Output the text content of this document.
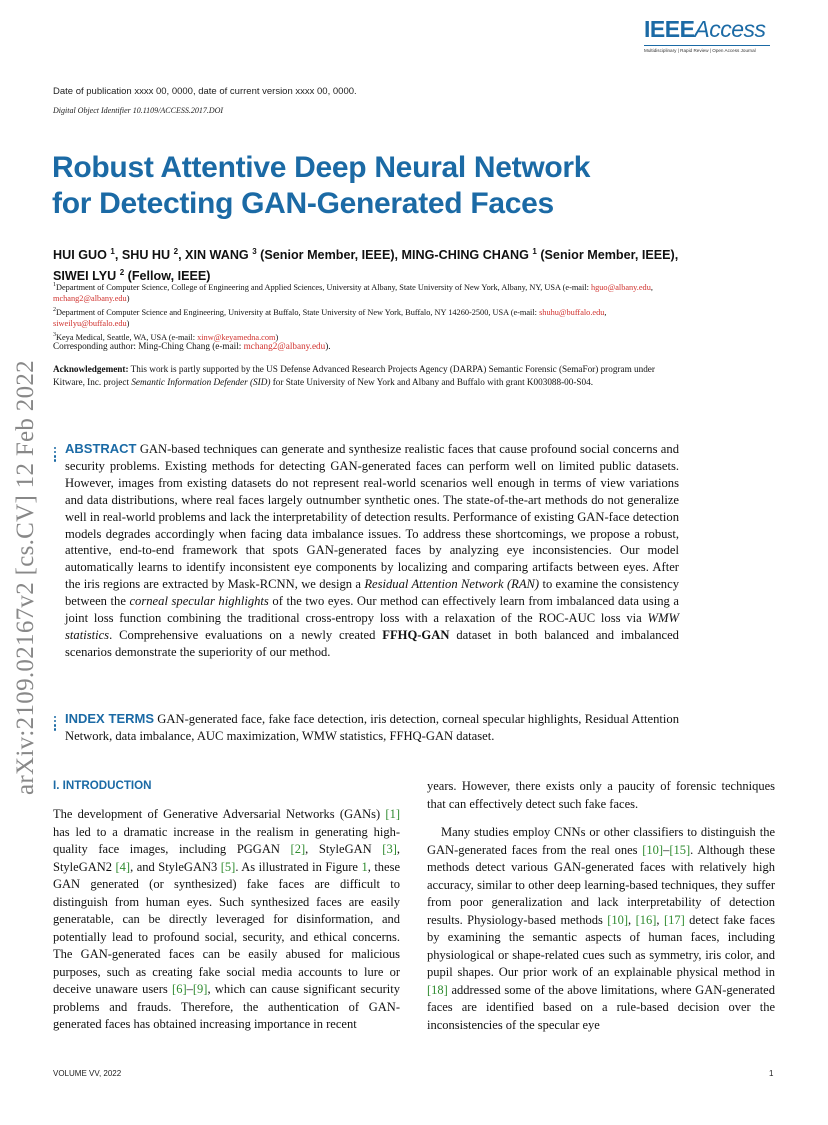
IEEEAccess
Multidisciplinary | Rapid Review | Open Access Journal
Date of publication xxxx 00, 0000, date of current version xxxx 00, 0000.
Digital Object Identifier 10.1109/ACCESS.2017.DOI
Robust Attentive Deep Neural Network
for Detecting GAN-Generated Faces
HUI GUO $^1$, SHU HU $^2$, XIN WANG $^3$ (Senior Member, IEEE), MING-CHING CHANG $^1$ (Senior Member, IEEE), SIWEI LYU $^2$ (Fellow, IEEE)
$^1$Department of Computer Science, College of Engineering and Applied Sciences, University at Albany, State University of New York, Albany, NY, USA (e-mail: hguo@albany.edu, mchang2@albany.edu)
$^2$Department of Computer Science and Engineering, University at Buffalo, State University of New York, Buffalo, NY 14260-2500, USA (e-mail: shuhu@buffalo.edu, siweilyu@buffalo.edu)
$^3$Keya Medical, Seattle, WA, USA (e-mail: xinw@keyamedna.com)
Corresponding author: Ming-Ching Chang (e-mail: mchang2@albany.edu).
Acknowledgement: This work is partly supported by the US Defense Advanced Research Projects Agency (DARPA) Semantic Forensic (SemaFor) program under Kitware, Inc. project Semantic Information Defender (SID) for State University of New York and Albany and Buffalo with grant K003088-00-S04.
ABSTRACT GAN-based techniques can generate and synthesize realistic faces that cause profound social concerns and security problems. Existing methods for detecting GAN-generated faces can perform well on limited public datasets. However, images from existing datasets do not represent real-world scenarios well enough in terms of view variations and data distributions, where real faces largely outnumber synthetic ones. The state-of-the-art methods do not generalize well in real-world problems and lack the interpretability of detection results. Performance of existing GAN-face detection models degrades accordingly when facing data imbalance issues. To address these shortcomings, we propose a robust, attentive, end-to-end framework that spots GAN-generated faces by analyzing eye inconsistencies. Our model automatically learns to identify inconsistent eye components by localizing and comparing artifacts between eyes. After the iris regions are extracted by Mask-RCNN, we design a Residual Attention Network (RAN) to examine the consistency between the corneal specular highlights of the two eyes. Our method can effectively learn from imbalanced data using a joint loss function combining the traditional cross-entropy loss with a relaxation of the ROC-AUC loss via WMW statistics. Comprehensive evaluations on a newly created FFHQ-GAN dataset in both balanced and imbalanced scenarios demonstrate the superiority of our method.
INDEX TERMS GAN-generated face, fake face detection, iris detection, corneal specular highlights, Residual Attention Network, data imbalance, AUC maximization, WMW statistics, FFHQ-GAN dataset.
I. INTRODUCTION
The development of Generative Adversarial Networks (GANs) [1] has led to a dramatic increase in the realism in generating high-quality face images, including PGGAN [2], StyleGAN [3], StyleGAN2 [4], and StyleGAN3 [5]. As illustrated in Figure 1, these GAN generated (or synthesized) fake faces are difficult to distinguish from human eyes. Such synthesized faces are easily generatable, can be directly leveraged for disinformation, and potentially lead to profound social, security, and ethical concerns. The GAN-generated faces can be easily abused for malicious purposes, such as creating fake social media accounts to lure or deceive unaware users [6]–[9], which can cause significant security problems and frauds. Therefore, the authentication of GAN-generated faces has obtained increasing importance in recent
years. However, there exists only a paucity of forensic techniques that can effectively detect such fake faces.
Many studies employ CNNs or other classifiers to distinguish the GAN-generated faces from the real ones [10]–[15]. Although these methods detect various GAN-generated faces with relatively high accuracy, similar to other deep learning-based techniques, they suffer from poor generalization and lack interpretability of detection results. Physiology-based methods [10], [16], [17] detect fake faces by examining the semantic aspects of human faces, including physiological or shape-related cues such as symmetry, iris color, and pupil shapes. Our prior work of an explainable physical method in [18] addressed some of the above limitations, where GAN-generated faces are identified based on a rule-based decision over the inconsistencies of the specular eye
arXiv:2109.02167v2 [cs.CV] 12 Feb 2022
VOLUME VV, 2022	1
